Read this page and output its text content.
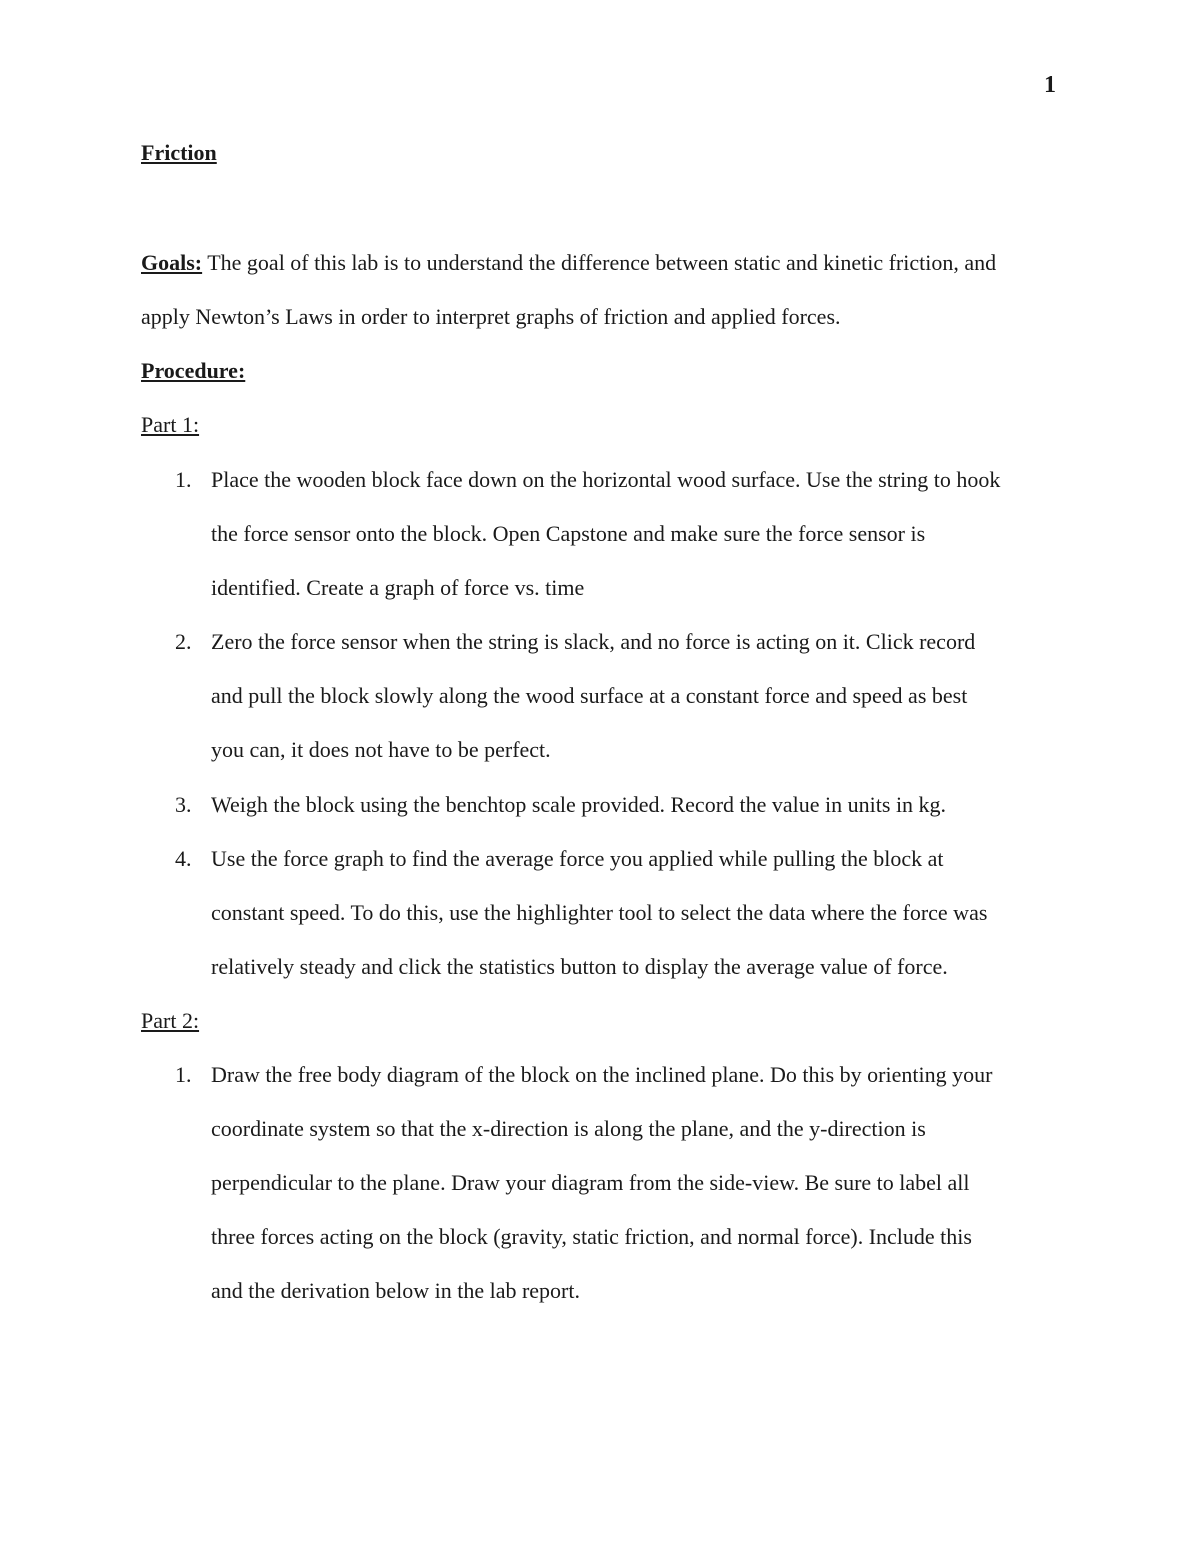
1
Friction
Goals: The goal of this lab is to understand the difference between static and kinetic friction, and
apply Newton’s Laws in order to interpret graphs of friction and applied forces.
Procedure:
Part 1:
1. Place the wooden block face down on the horizontal wood surface. Use the string to hook
the force sensor onto the block. Open Capstone and make sure the force sensor is
identified. Create a graph of force vs. time
2. Zero the force sensor when the string is slack, and no force is acting on it. Click record
and pull the block slowly along the wood surface at a constant force and speed as best
you can, it does not have to be perfect.
3. Weigh the block using the benchtop scale provided. Record the value in units in kg.
4. Use the force graph to find the average force you applied while pulling the block at
constant speed. To do this, use the highlighter tool to select the data where the force was
relatively steady and click the statistics button to display the average value of force.
Part 2:
1. Draw the free body diagram of the block on the inclined plane. Do this by orienting your
coordinate system so that the x-direction is along the plane, and the y-direction is
perpendicular to the plane. Draw your diagram from the side-view. Be sure to label all
three forces acting on the block (gravity, static friction, and normal force). Include this
and the derivation below in the lab report.
